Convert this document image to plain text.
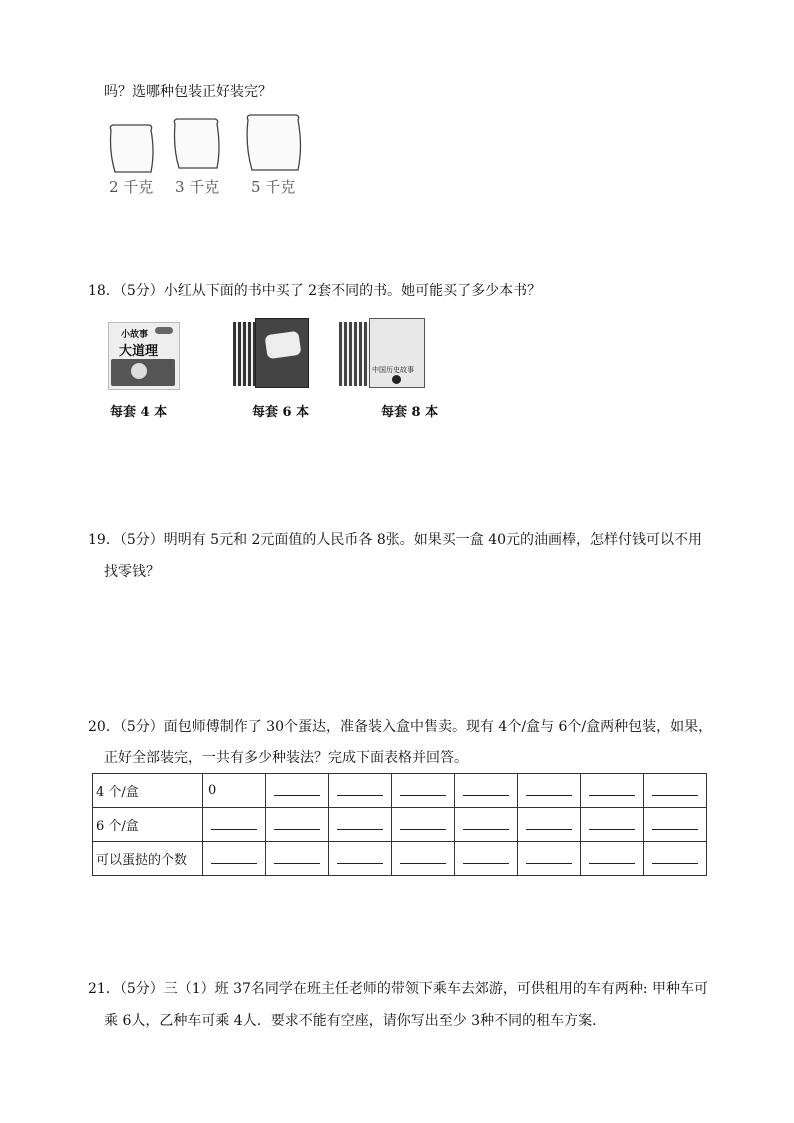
吗？选哪种包装正好装完？
2 千克 3 千克 5 千克
18．（5分）小红从下面的书中买了 2套不同的书。她可能买了多少本书？
小故事
大道理
每套 4 本	每套 6 本
中国历史故事
每套 8 本
19．（5分）明明有 5元和 2元面值的人民币各 8张。如果买一盒 40元的油画棒，怎样付钱可以不用
找零钱？
20．（5分）面包师傅制作了 30个蛋达，准备装入盒中售卖。现有 4个/盒与 6个/盒两种包装，如果，
正好全部装完，一共有多少种装法？完成下面表格并回答。
4 个/盒	0							
6 个/盒								
可以蛋挞的个数								
21．（5分）三（1）班 37名同学在班主任老师的带领下乘车去郊游，可供租用的车有两种: 甲种车可
乘 6人，乙种车可乘 4人．要求不能有空座，请你写出至少 3种不同的租车方案．
